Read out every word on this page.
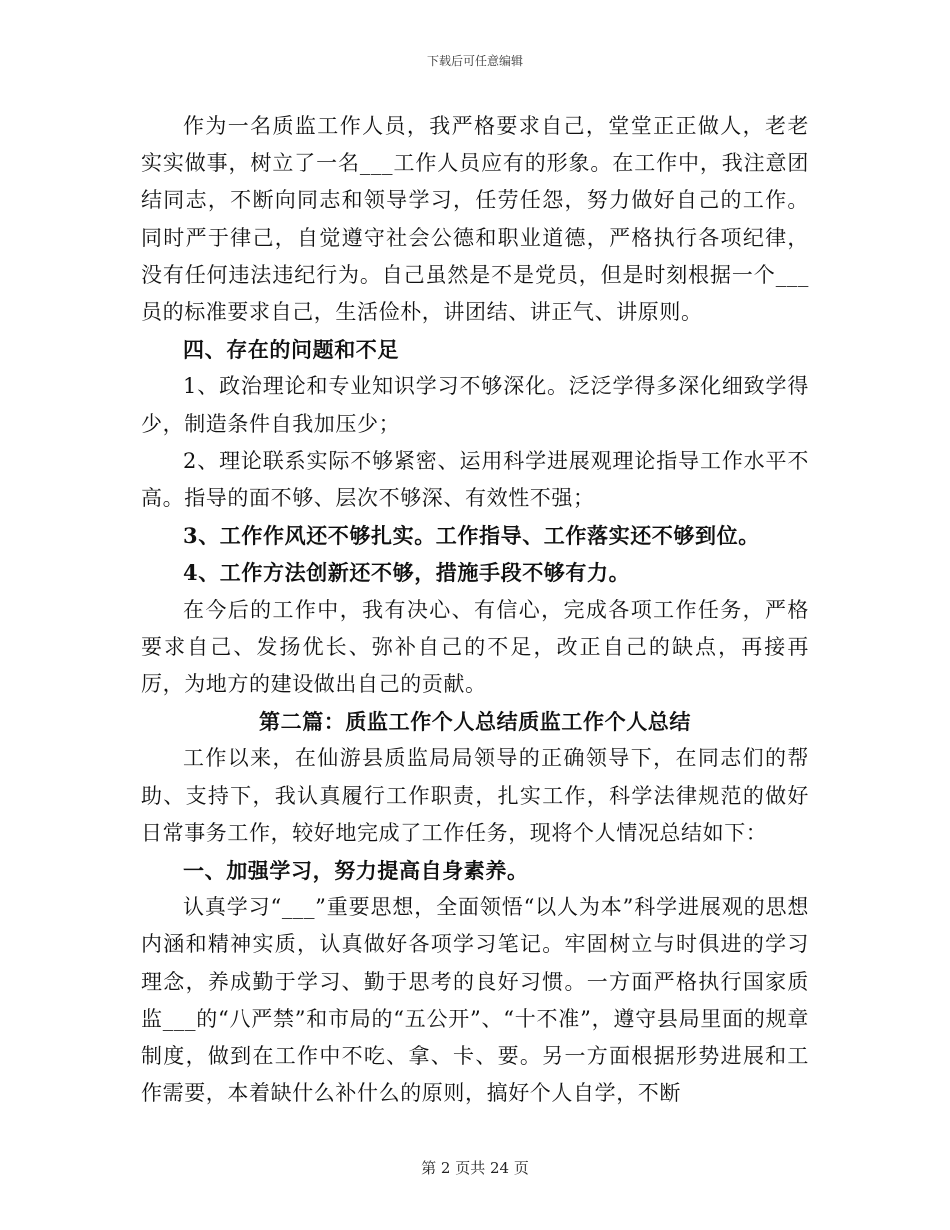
下载后可任意编辑

作为一名质监工作人员，我严格要求自己，堂堂正正做人，老老实实做事，树立了一名___工作人员应有的形象。在工作中，我注意团结同志，不断向同志和领导学习，任劳任怨，努力做好自己的工作。同时严于律己，自觉遵守社会公德和职业道德，严格执行各项纪律，没有任何违法违纪行为。自己虽然是不是党员，但是时刻根据一个___员的标准要求自己，生活俭朴，讲团结、讲正气、讲原则。

四、存在的问题和不足

1、政治理论和专业知识学习不够深化。泛泛学得多深化细致学得少，制造条件自我加压少；

2、理论联系实际不够紧密、运用科学进展观理论指导工作水平不高。指导的面不够、层次不够深、有效性不强；

3、工作作风还不够扎实。工作指导、工作落实还不够到位。

4、工作方法创新还不够，措施手段不够有力。

在今后的工作中，我有决心、有信心，完成各项工作任务，严格要求自己、发扬优长、弥补自己的不足，改正自己的缺点，再接再厉，为地方的建设做出自己的贡献。

第二篇：质监工作个人总结质监工作个人总结

工作以来，在仙游县质监局局领导的正确领导下，在同志们的帮助、支持下，我认真履行工作职责，扎实工作，科学法律规范的做好日常事务工作，较好地完成了工作任务，现将个人情况总结如下：

一、加强学习，努力提高自身素养。

认真学习“___”重要思想，全面领悟“以人为本”科学进展观的思想内涵和精神实质，认真做好各项学习笔记。牢固树立与时俱进的学习理念，养成勤于学习、勤于思考的良好习惯。一方面严格执行国家质监___的“八严禁”和市局的“五公开”、“十不准”，遵守县局里面的规章制度，做到在工作中不吃、拿、卡、要。另一方面根据形势进展和工作需要，本着缺什么补什么的原则，搞好个人自学，不断

第 2 页共 24 页
